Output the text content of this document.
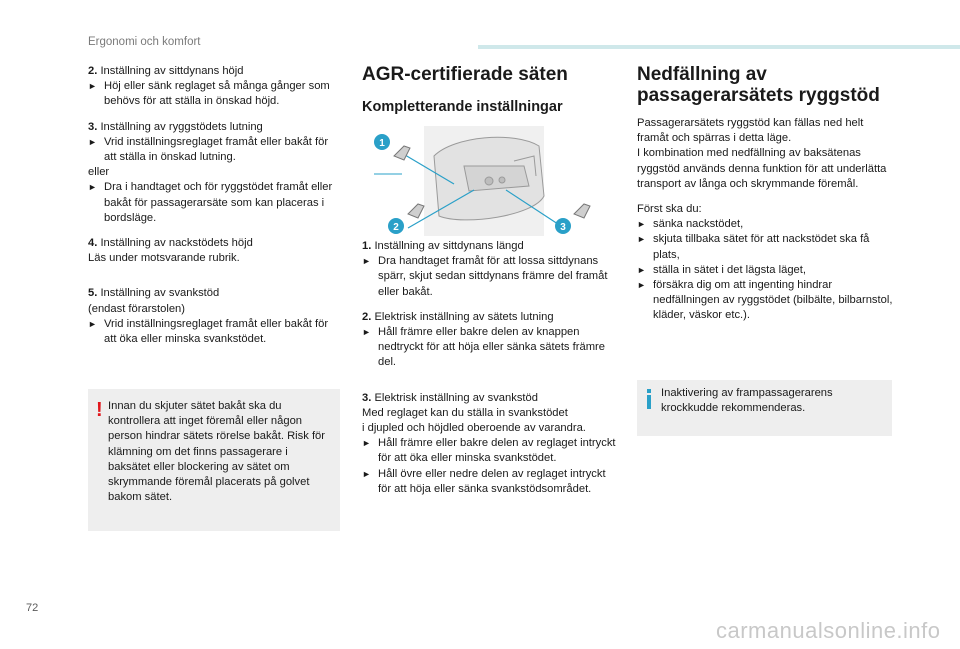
Ergonomi och komfort
2. Inställning av sittdynans höjd
► Höj eller sänk reglaget så många gånger som behövs för att ställa in önskad höjd.
3. Inställning av ryggstödets lutning
► Vrid inställningsreglaget framåt eller bakåt för att ställa in önskad lutning.
eller
► Dra i handtaget och för ryggstödet framåt eller bakåt för passagerarsäte som kan placeras i bordsläge.
4. Inställning av nackstödets höjd
Läs under motsvarande rubrik.
5. Inställning av svankstöd
(endast förarstolen)
► Vrid inställningsreglaget framåt eller bakåt för att öka eller minska svankstödet.
! Innan du skjuter sätet bakåt ska du kontrollera att inget föremål eller någon person hindrar sätets rörelse bakåt. Risk för klämning om det finns passagerare i baksätet eller blockering av sätet om skrymmande föremål placerats på golvet bakom sätet.
AGR-certifierade säten
Kompletterande inställningar
1
2	3
1. Inställning av sittdynans längd
► Dra handtaget framåt för att lossa sittdynans spärr, skjut sedan sittdynans främre del framåt eller bakåt.
2. Elektrisk inställning av sätets lutning
► Håll främre eller bakre delen av knappen nedtryckt för att höja eller sänka sätets främre del.
3. Elektrisk inställning av svankstöd
Med reglaget kan du ställa in svankstödet
i djupled och höjdled oberoende av varandra.
► Håll främre eller bakre delen av reglaget intryckt för att öka eller minska svankstödet.
► Håll övre eller nedre delen av reglaget intryckt för att höja eller sänka svankstödsområdet.
Nedfällning av
passagerarsätets ryggstöd
Passagerarsätets ryggstöd kan fällas ned helt framåt och spärras i detta läge.
I kombination med nedfällning av baksätenas ryggstöd används denna funktion för att underlätta transport av långa och skrymmande föremål.
Först ska du:
► sänka nackstödet,
► skjuta tillbaka sätet för att nackstödet ska få plats,
► ställa in sätet i det lägsta läget,
► försäkra dig om att ingenting hindrar nedfällningen av ryggstödet (bilbälte, bilbarnstol, kläder, väskor etc.).
Inaktivering av frampassagerarens krockkudde rekommenderas.
72
carmanualsonline.info
